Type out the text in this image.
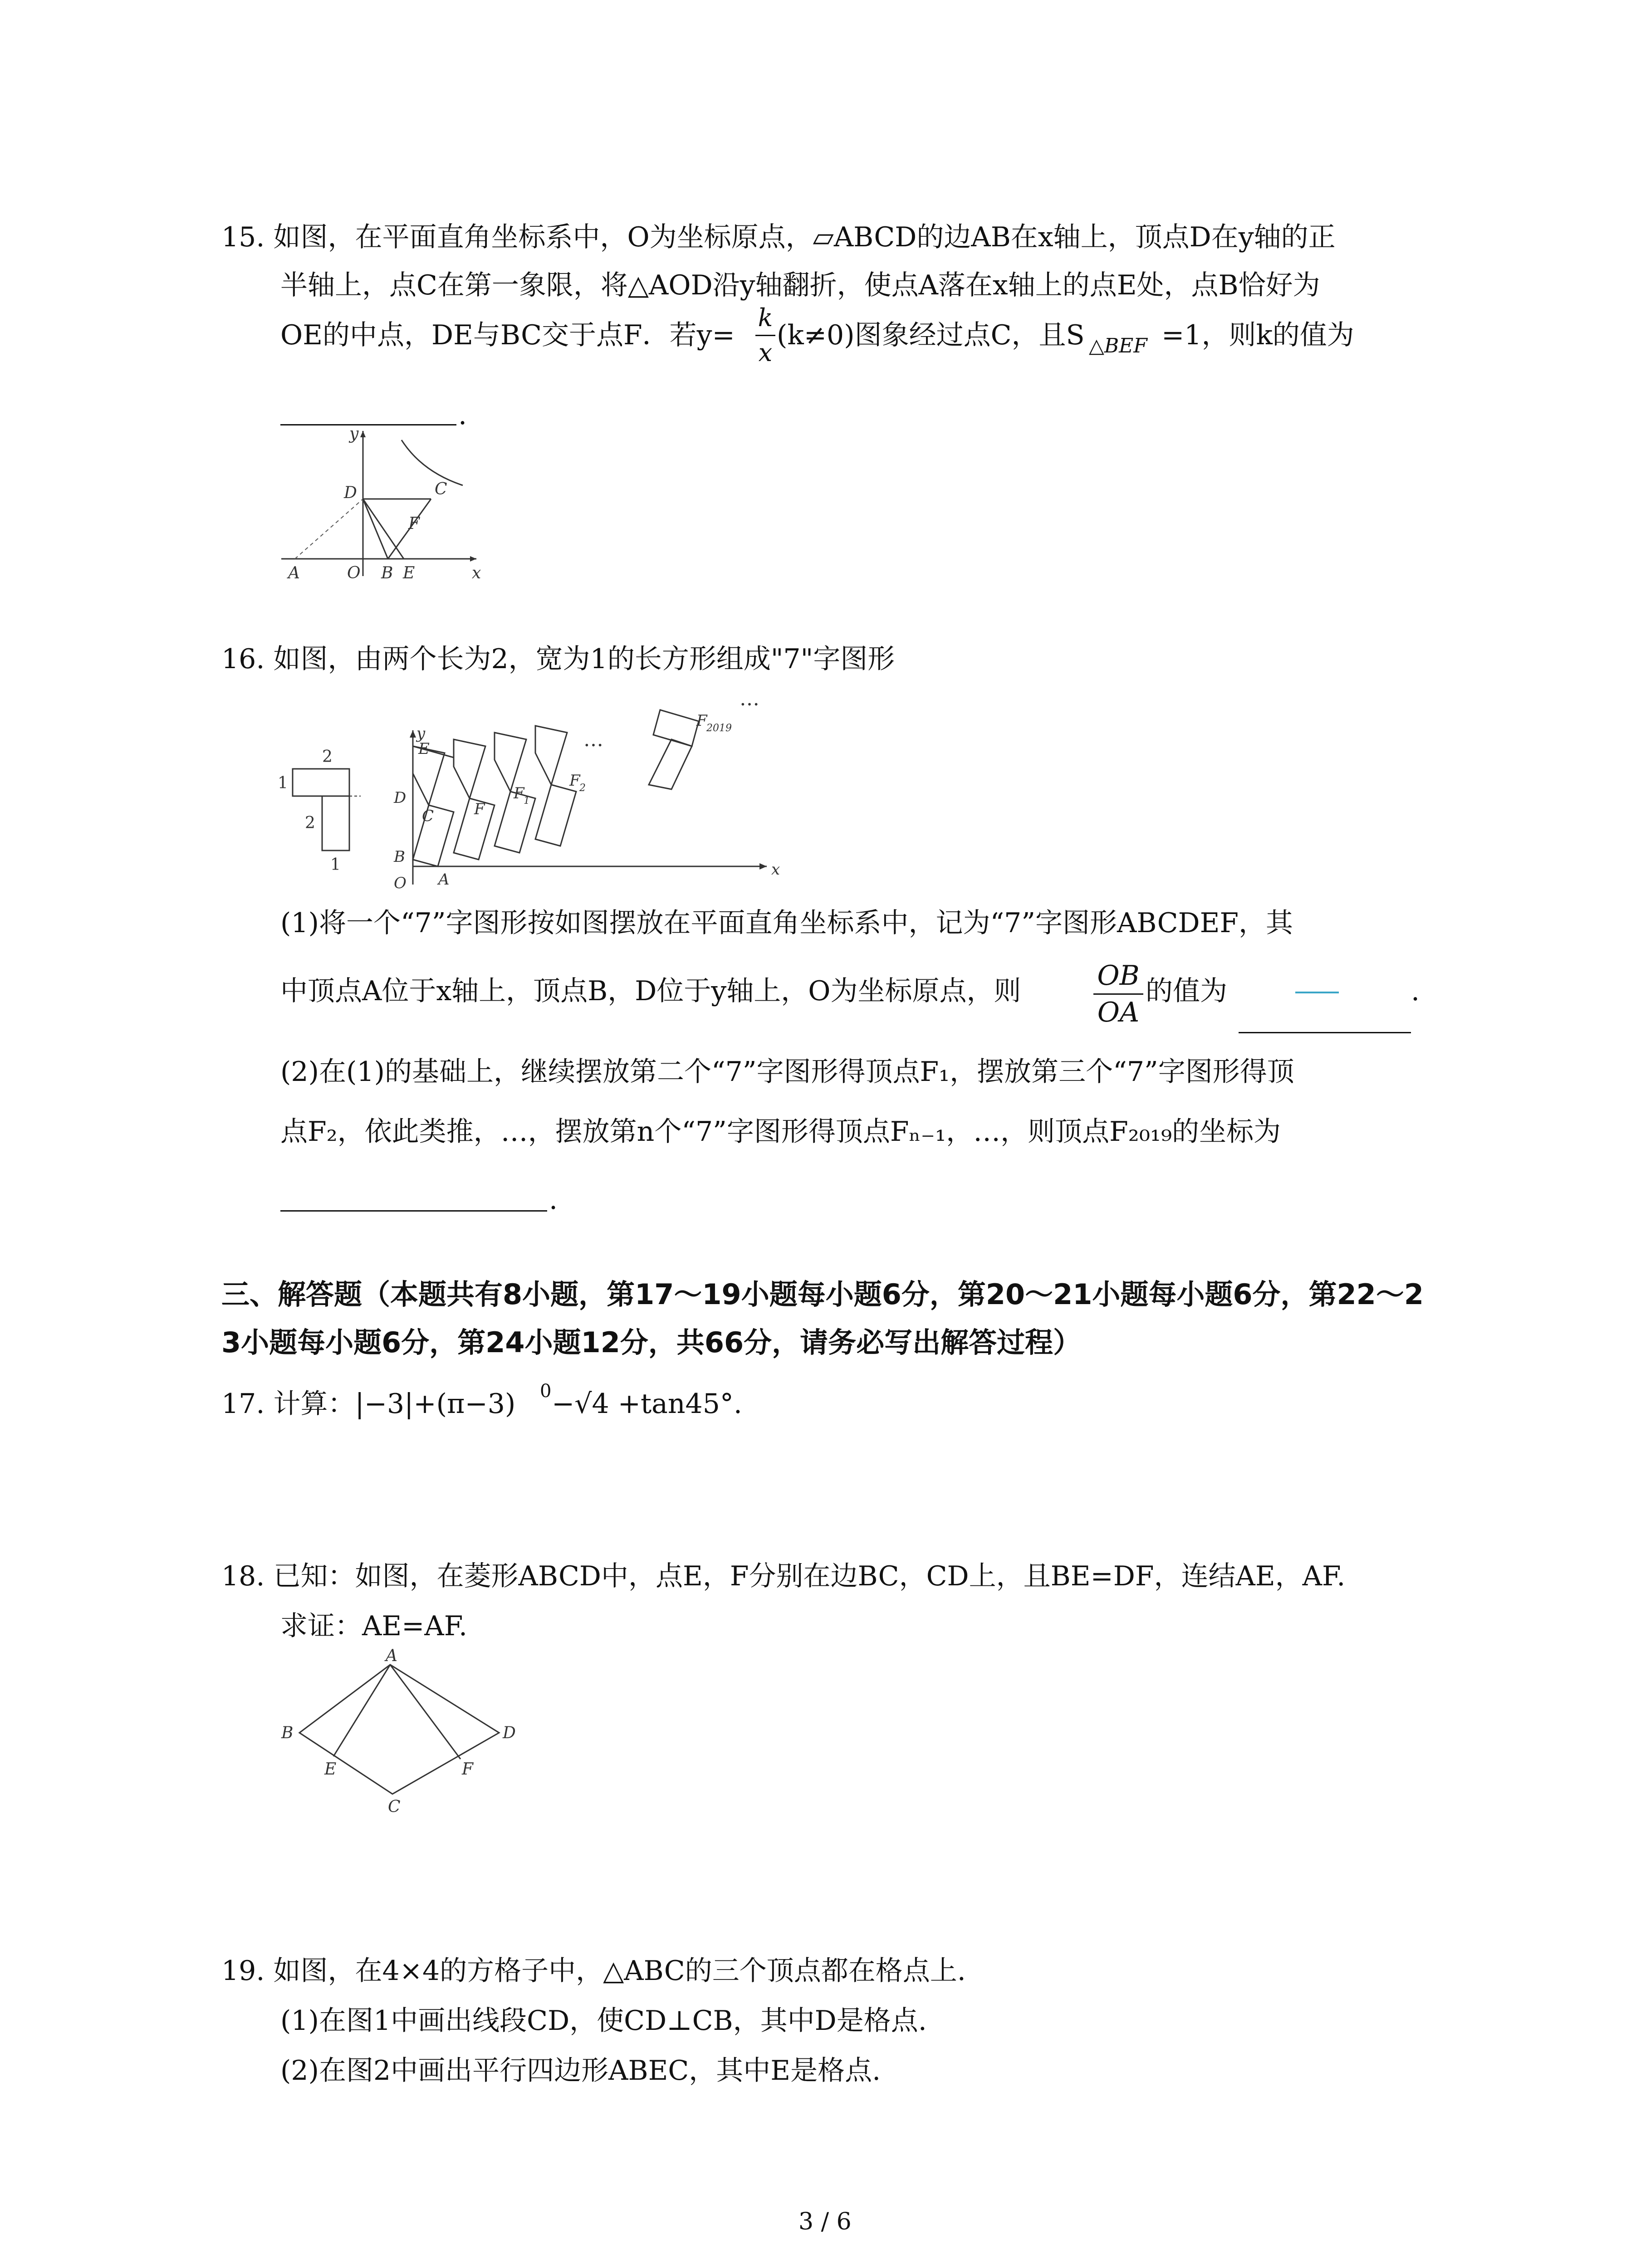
15. 如图，在平面直角坐标系中，O为坐标原点，▱ABCD的边AB在x轴上，顶点D在y轴的正
半轴上，点C在第一象限，将△AOD沿y轴翻折，使点A落在x轴上的点E处，点B恰好为
OE的中点，DE与BC交于点F．若y=
k
x
(k≠0)图象经过点C，且S △BEF =1，则k的值为
.
y
D	C
F
A	O B E	x
16. 如图，由两个长为2，宽为1的长方形组成"7"字图形
2
1
2
1
…
…
y
E
D
C	F
F
1
F
2
F
2019
B
O A
x
(1)将一个“7”字图形按如图摆放在平面直角坐标系中，记为“7”字图形ABCDEF，其
中顶点A位于x轴上，顶点B，D位于y轴上，O为坐标原点，则	OB
OA
的值为	.
(2)在(1)的基础上，继续摆放第二个“7”字图形得顶点F₁，摆放第三个“7”字图形得顶
点F₂，依此类推，…，摆放第n个“7”字图形得顶点Fₙ₋₁，…，则顶点F₂₀₁₉的坐标为
.
三、解答题（本题共有8小题，第17～19小题每小题6分，第20～21小题每小题6分，第22～2
3小题每小题6分，第24小题12分，共66分，请务必写出解答过程）
17. 计算：|−3|+(π−3) 0 −√4 +tan45°.
18. 已知：如图，在菱形ABCD中，点E，F分别在边BC，CD上，且BE=DF，连结AE，AF.
求证：AE=AF.
A
B
C
D
E	F
19. 如图，在4×4的方格子中，△ABC的三个顶点都在格点上.
(1)在图1中画出线段CD，使CD⊥CB，其中D是格点.
(2)在图2中画出平行四边形ABEC，其中E是格点.
3 / 6
